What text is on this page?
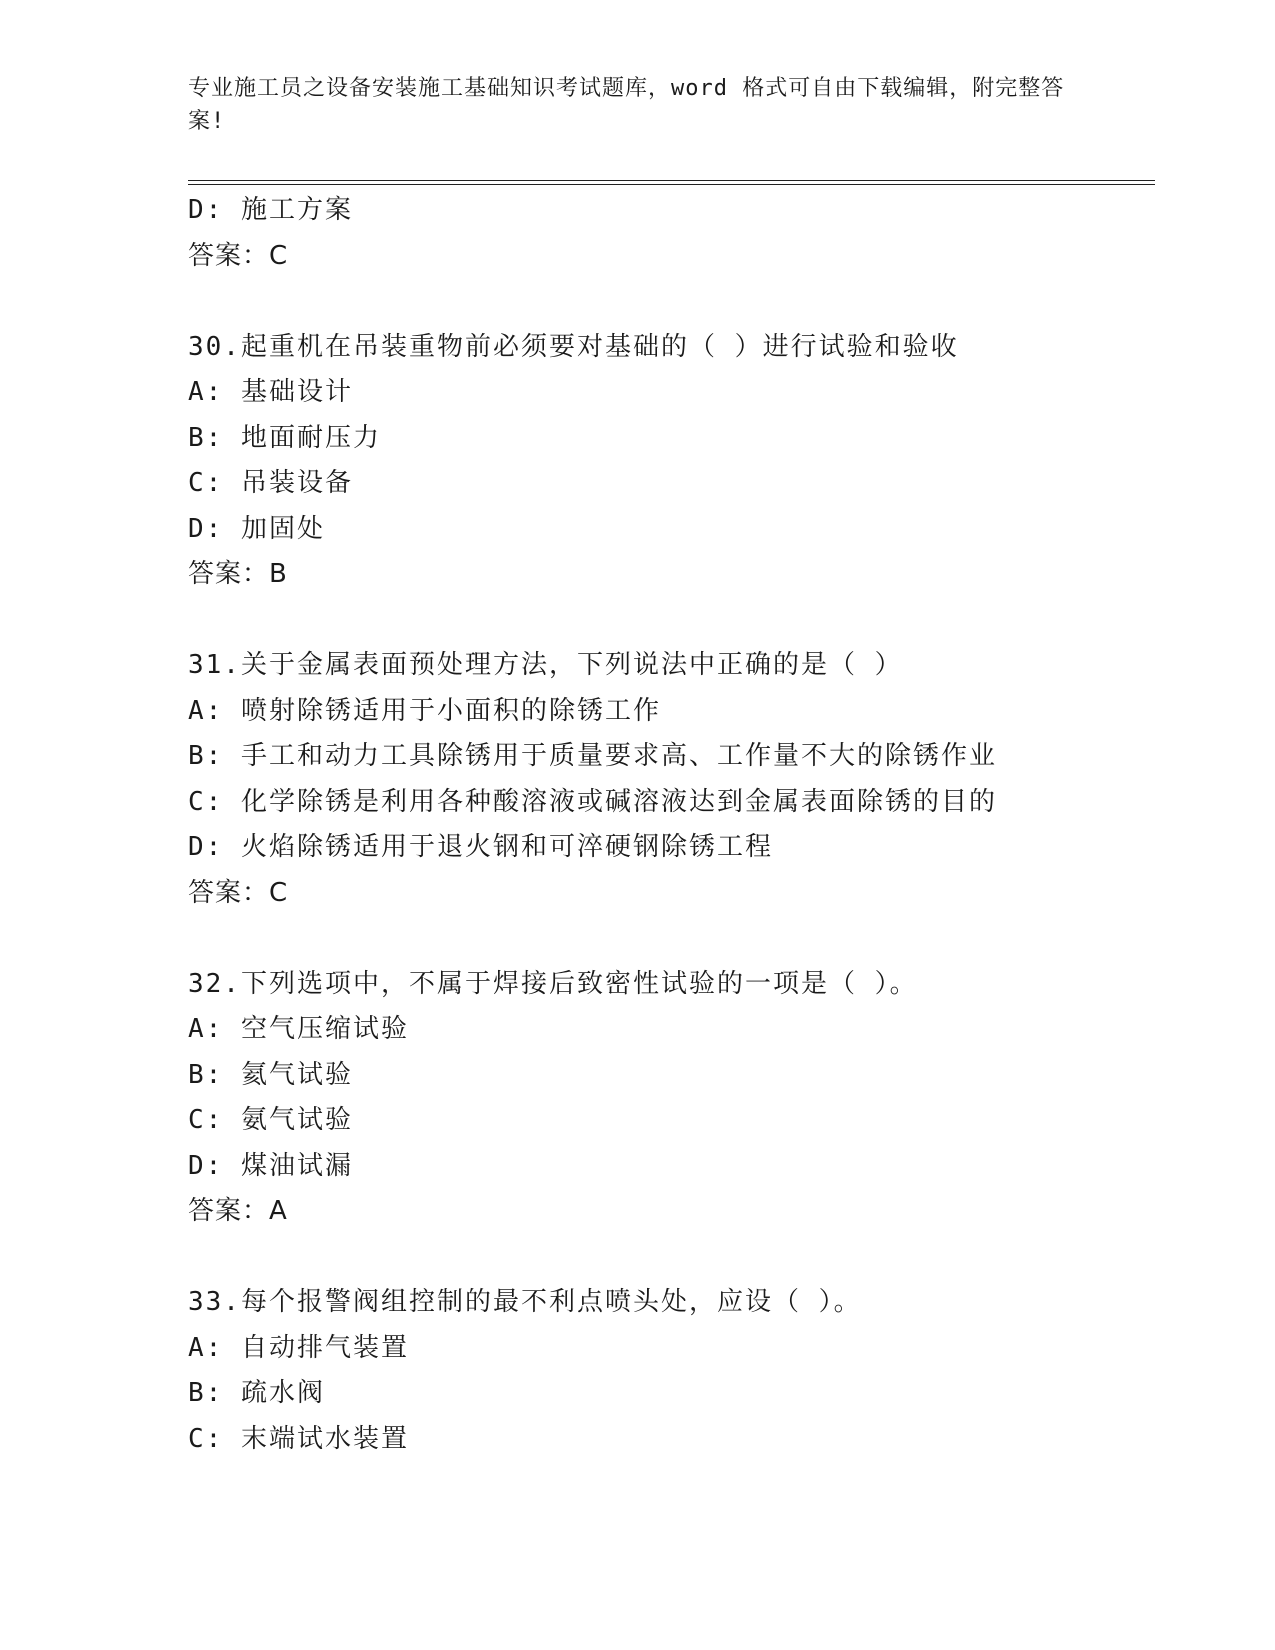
专业施工员之设备安装施工基础知识考试题库，word 格式可自由下载编辑，附完整答案!
D: 施工方案
答案：C
30.起重机在吊装重物前必须要对基础的（ ）进行试验和验收
A: 基础设计
B: 地面耐压力
C: 吊装设备
D: 加固处
答案：B
31.关于金属表面预处理方法，下列说法中正确的是（ ）
A: 喷射除锈适用于小面积的除锈工作
B: 手工和动力工具除锈用于质量要求高、工作量不大的除锈作业
C: 化学除锈是利用各种酸溶液或碱溶液达到金属表面除锈的目的
D: 火焰除锈适用于退火钢和可淬硬钢除锈工程
答案：C
32.下列选项中，不属于焊接后致密性试验的一项是（ ）。
A: 空气压缩试验
B: 氦气试验
C: 氨气试验
D: 煤油试漏
答案：A
33.每个报警阀组控制的最不利点喷头处，应设（ ）。
A: 自动排气装置
B: 疏水阀
C: 末端试水装置
